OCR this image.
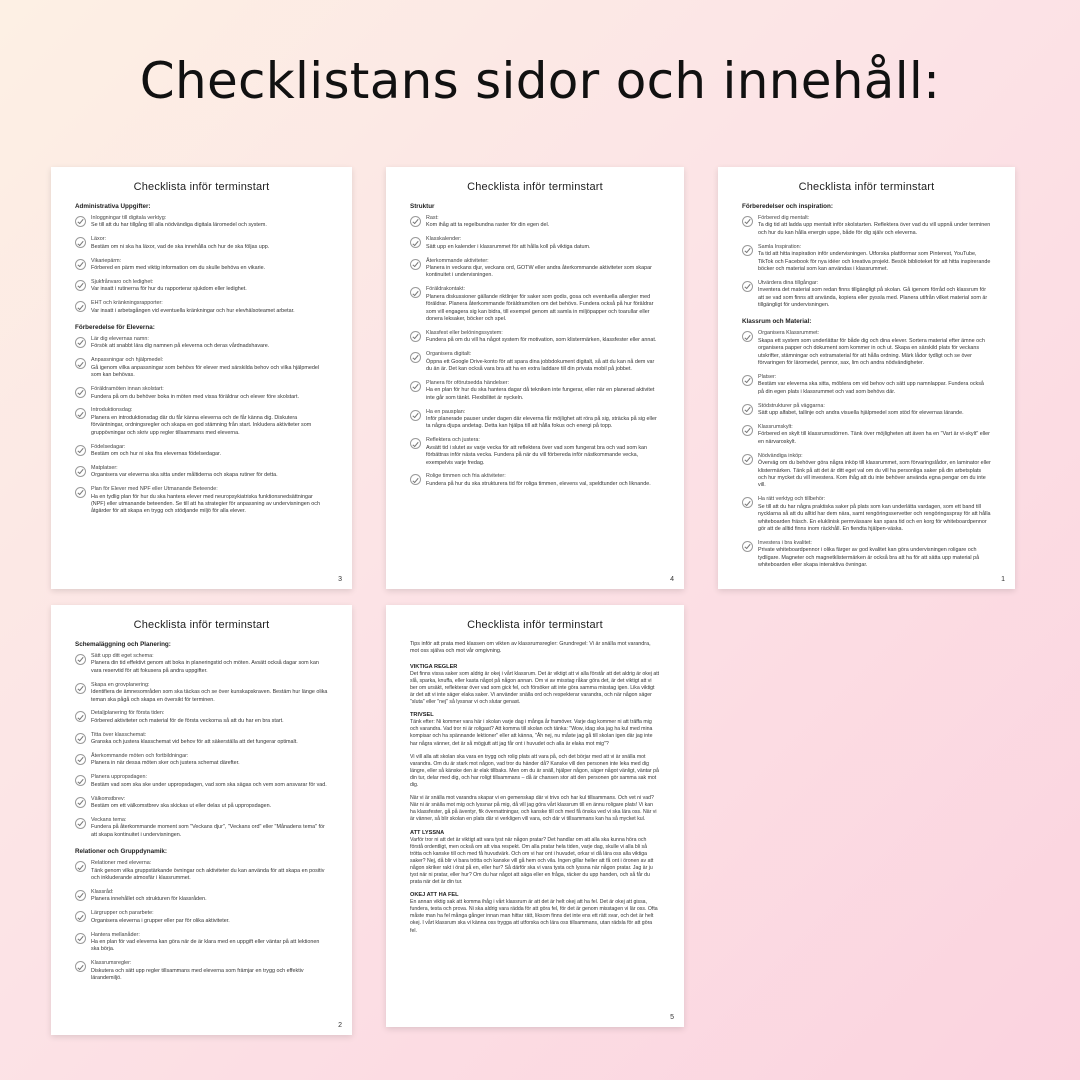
Checklistans sidor och innehåll:
Checklista inför terminstart
Administrativa Uppgifter:
Inloggningar till digitala verktyg:
Se till att du har tillgång till alla nödvändiga digitala läromedel och system.
Läxor:
Bestäm om ni ska ha läxor, vad de ska innehålla och hur de ska följas upp.
Vikariepärm:
Förbered en pärm med viktig information om du skulle behöva en vikarie.
Sjukfrånvaro och ledighet:
Var insatt i rutinerna för hur du rapporterar sjukdom eller ledighet.
EHT och kränkningsrapporter:
Var insatt i arbetsgången vid eventuella kränkningar och hur elevhälsoteamet arbetar.
Förberedelse för Eleverna:
Lär dig elevernas namn:
Försök att snabbt lära dig namnen på eleverna och deras vårdnadshavare.
Anpassningar och hjälpmedel:
Gå igenom vilka anpassningar som behövs för elever med särskilda behov och vilka hjälpmedel som kan behövas.
Föräldramöten innan skolstart:
Fundera på om du behöver boka in möten med vissa föräldrar och elever före skolstart.
Introduktionsdag:
Planera en introduktionsdag där du får känna eleverna och de får känna dig. Diskutera förväntningar, ordningsregler och skapa en god stämning från start. Inkludera aktiviteter som gruppövningar och skriv upp regler tillsammans med eleverna.
Födelsedagar:
Bestäm om och hur ni ska fira elevernas födelsedagar.
Matplatser:
Organisera var eleverna ska sitta under måltiderna och skapa rutiner för detta.
Plan för Elever med NPF eller Utmanande Beteende:
Ha en tydlig plan för hur du ska hantera elever med neuropsykiatriska funktionsnedsättningar (NPF) eller utmanande beteenden. Se till att ha strategier för anpassning av undervisningen och åtgärder för att skapa en trygg och stödjande miljö för alla elever.
3
Checklista inför terminstart
Struktur
Rast:
Kom ihåg att ta regelbundna raster för din egen del.
Klasskalender:
Sätt upp en kalender i klassrummet för att hålla koll på viktiga datum.
Återkommande aktiviteter:
Planera in veckans djur, veckans ord, GOTW eller andra återkommande aktiviteter som skapar kontinuitet i undervisningen.
Föräldrakontakt:
Planera diskussioner gällande riktlinjer för saker som godis, gosa och eventuella allergier med föräldrar. Planera återkommande föräldramöten om det behövs. Fundera också på hur föräldrar som vill engagera sig kan bidra, till exempel genom att samla in miljöpapper och toarullar eller donera leksaker, böcker och spel.
Klassfest eller belöningssystem:
Fundera på om du vill ha något system för motivation, som klistermärken, klassfester eller annat.
Organisera digitalt:
Öppna ett Google Drive-konto för att spara dina jobbdokument digitalt, så att du kan nå dem var du än är. Det kan också vara bra att ha en extra laddare till din privata mobil på jobbet.
Planera för oförutsedda händelser:
Ha en plan för hur du ska hantera dagar då tekniken inte fungerar, eller när en planerad aktivitet inte går som tänkt. Flexibilitet är nyckeln.
Ha en pausplan:
Inför planerade pauser under dagen där eleverna får möjlighet att röra på sig, sträcka på sig eller ta några djupa andetag. Detta kan hjälpa till att hålla fokus och energi på topp.
Reflektera och justera:
Avsätt tid i slutet av varje vecka för att reflektera över vad som fungerat bra och vad som kan förbättras inför nästa vecka. Fundera på när du vill förbereda inför nästkommande vecka, exempelvis varje fredag.
Rolige timmen och fria aktiviteter:
Fundera på hur du ska strukturera tid för roliga timmen, elevens val, speldtunder och liknande.
4
Checklista inför terminstart
Förberedelser och inspiration:
Förbered dig mentalt:
Ta dig tid att ladda upp mentalt inför skolstarten. Reflektera över vad du vill uppnå under terminen och hur du kan hålla energin uppe, både för dig själv och eleverna.
Samla Inspiration:
Ta tid att hitta inspiration inför undervisningen. Utforska plattformar som Pinterest, YouTube, TikTok och Facebook för nya idéer och kreativa projekt. Besök biblioteket för att hitta inspirerande böcker och material som kan användas i klassrummet.
Utvärdera dina tillgångar:
Inventera det material som redan finns tillgängligt på skolan. Gå igenom förråd och klassrum för att se vad som finns att använda, kopiera eller pyssla med. Planera utifrån vilket material som är tillgängligt för undervisningen.
Klassrum och Material:
Organisera Klassrummet:
Skapa ett system som underlättar för både dig och dina elever. Sortera material efter ämne och organisera papper och dokument som kommer in och ut. Skapa en särskild plats för veckans utskrifter, stämningar och extramaterial för att hålla ordning. Märk lådor tydligt och se över förvaringen för läromedel, pennor, sax, lim och andra nödvändigheter.
Platser:
Bestäm var eleverna ska sitta, möblera om vid behov och sätt upp namnlappar. Fundera också på din egen plats i klassrummet och vad som behövs där.
Stödstrukturer på väggarna:
Sätt upp alfabet, tallinje och andra visuella hjälpmedel som stöd för elevernas lärande.
Klassrumskylt:
Förbered en skylt till klassrumsdörren. Tänk över möjligheten att även ha en "Vart är vi-skylt" eller en närvaroskylt.
Nödvändiga inköp:
Överväg om du behöver göra några inköp till klassrummet, som förvaringslådor, en laminator eller klistermärken. Tänk på att det är ditt eget val om du vill ha personliga saker på din arbetsplats och hur mycket du vill investera. Kom ihåg att du inte behöver använda egna pengar om du inte vill.
Ha rätt verktyg och tillbehör:
Se till att du har några praktiska saker på plats som kan underlätta vardagen, som ett band till nycklarna så att du alltid har dem nära, samt rengöringsservetter och rengöringsspray för att hålla whiteboarden fräsch. En eluklinisk permvässare kan spara tid och en korg för whiteboardpennor gör att de alltid finns inom räckhåll. En fiendta hjälpen-väska.
Investera i bra kvalitet:
Private whiteboardpennor i olika färger av god kvalitet kan göra undervisningen roligare och tydligare. Magneter och magnetklistermärken är också bra att ha för att sätta upp material på whiteboarden eller skapa interaktiva övningar.
1
Checklista inför terminstart
Schemaläggning och Planering:
Sätt upp ditt eget schema:
Planera din tid effektivt genom att boka in planeringstid och möten. Avsätt också dagar som kan vara reservtid för att fokusera på andra uppgifter.
Skapa en grovplanering:
Identifiera de ämnesområden som ska täckas och se över kunskapskraven. Bestäm hur länge olika teman ska pågå och skapa en översikt för terminen.
Detaljplanering för första tiden:
Förbered aktiviteter och material för de första veckorna så att du har en bra start.
Titta över klasschemat:
Granska och justera klasschemat vid behov för att säkerställa att det fungerar optimalt.
Återkommande möten och fortbildningar:
Planera in när dessa möten sker och justera schemat därefter.
Planera uppropsdagen:
Bestäm vad som ska ske under uppropsdagen, vad som ska sägas och vem som ansvarar för vad.
Välkomstbrev:
Bestäm om ett välkomstbrev ska skickas ut eller delas ut på uppropsdagen.
Veckans tema:
Fundera på återkommande moment som "Veckans djur", "Veckans ord" eller "Månadens tema" för att skapa kontinuitet i undervisningen.
Relationer och Gruppdynamik:
Relationer med eleverna:
Tänk genom vilka gruppstärkande övningar och aktiviteter du kan använda för att skapa en positiv och inkluderande atmosfär i klassrummet.
Klassråd:
Planera innehållet och strukturen för klassråden.
Lärgrupper och pararbete:
Organisera eleverna i grupper eller par för olika aktiviteter.
Hantera mellanåder:
Ha en plan för vad eleverna kan göra när de är klara med en uppgift eller väntar på att lektionen ska börja.
Klassrumsregler:
Diskutera och sätt upp regler tillsammans med eleverna som främjar en trygg och effektiv lärandemiljö.
2
Checklista inför terminstart
Tips inför att prata med klassen om vikten av klassrumsregler: Grundregel: Vi är snälla mot varandra, mot oss själva och mot vår omgivning.
VIKTIGA REGLER
Det finns vissa saker som aldrig är okej i vårt klassrum. Det är viktigt att vi alla förstår att det aldrig är okej att slå, sparka, knuffa, eller kasta något på någon annan. Om vi av misstag råkar göra det, är det viktigt att vi ber om ursäkt, reflekterar över vad som gick fel, och försöker att inte göra samma misstag igen. Lika viktigt är det att vi inte säger elaka saker. Vi använder snälla ord och respekterar varandra, och när någon säger "sluta" eller "nej" så lyssnar vi och slutar genast.
TRIVSEL
Tänk efter: Ni kommer vara här i skolan varje dag i många år framöver. Varje dag kommer ni att träffa mig och varandra. Vad tror ni är roligast? Att komma till skolan och tänka: "Wow, idag ska jag ha kul med mina kompisar och ha spännande lektioner" eller att känna, "Åh nej, nu måste jag gå till skolan igen där jag inte har några vänner, det är så mögjutt att jag får ont i huvudet och alla är elaka mot mig"?
Vi vill alla att skolan ska vara en trygg och rolig plats att vara på, och det börjar med att vi är snälla mot varandra. Om du är stark mot någon, vad tror du händer då? Kanske vill den personen inte leka med dig längre, eller så känske den är elak tillbaks. Men om du är snäll, hjälper någon, säger något vänligt, väntar på din tur, delar med dig, och har roligt tillsammans – då är chansen stor att den personen gör samma sak mot dig.
När vi är snälla mot varandra skapar vi en gemenskap där vi trivs och har kul tillsammans. Och vet ni vad? När ni är snälla mot mig och lyssnar på mig, då vill jag göra vårt klassrum till en ännu roligare plats! Vi kan ha klassfester, gå på äventyr, fik övernattningar, och kanske till och med få önska ved vi ska lära oss. När vi är vänner, så blir skolan en plats där vi verkligen vill vara, och där vi tillsammans kan ha så mycket kul.
ATT LYSSNA
Varför tror ni att det är viktigt att vara tyst när någon pratar? Det handlar om att alla ska kunna höra och förstå ordentligt, men också om att visa respekt. Om alla pratar hela tiden, varje dag, skulle vi alla bli så trötta och kanske till och med få huvudvärk. Och om vi har ont i huvudet, orkar vi då lära oss alla viktiga saker? Nej, då blir vi bara trötta och kanske vill gå hem och vila. Ingen gillar heller att få ont i öronen av att någon skriker rakt i örat på en, eller hur? Så därför ska vi vara tysta och lyssna när någon pratar. Jag är ju tyst när ni pratar, eller hur? Om du har något att säga eller en fråga, räcker du upp handen, och så får du prata när det är din tur.
OKEJ ATT HA FEL
En annan viktig sak att komma ihåg i vårt klassrum är att det är helt okej att ha fel. Det är okej att gissa, fundera, testa och prova. Ni ska aldrig vara rädda för att göra fel, för det är genom misstagen vi lär oss. Ofta måste man ha fel många gånger innan man hittar rätt, liksom finns det inte ens ett rätt svar, och det är helt okej. I vårt klassrum ska vi känna oss trygga att utforska och lära oss tillsammans, utan rädsla för att göra fel.
5
